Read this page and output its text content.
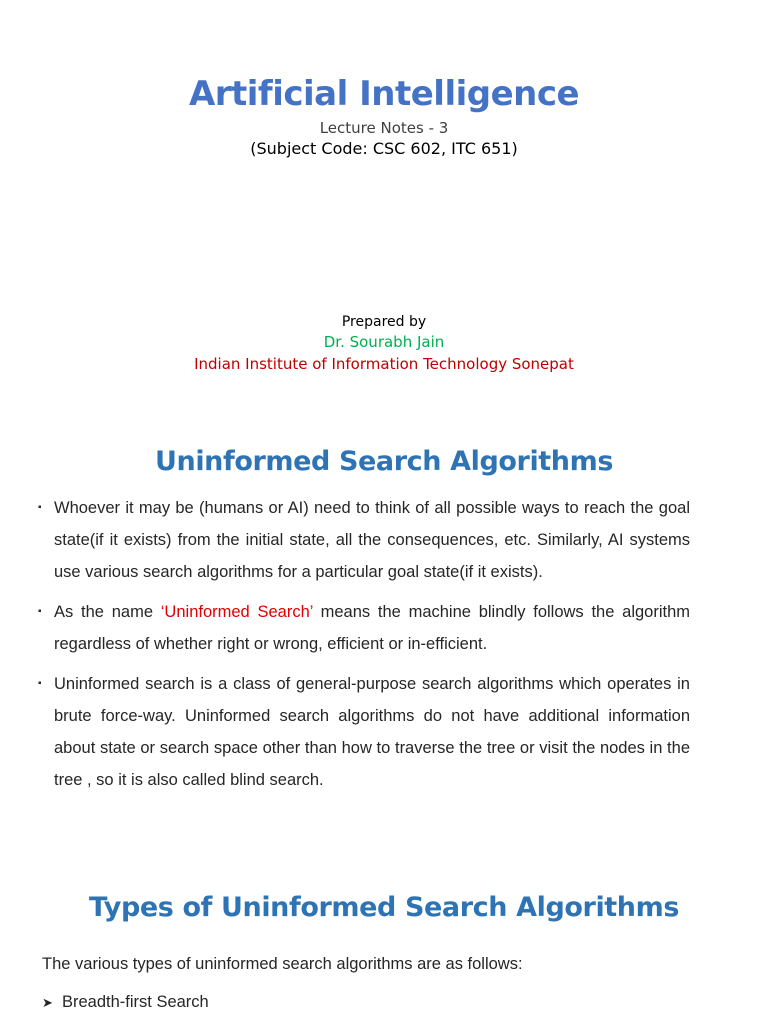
Artificial Intelligence

Lecture Notes - 3

(Subject Code: CSC 602, ITC 651)

Prepared by

Dr. Sourabh Jain

Indian Institute of Information Technology Sonepat

Uninformed Search Algorithms
▪ Whoever it may be (humans or AI) need to think of all possible ways to reach the goal state(if it exists) from the initial state, all the consequences, etc. Similarly, AI systems use various search algorithms for a particular goal state(if it exists).
▪ As the name ‘Uninformed Search’ means the machine blindly follows the algorithm regardless of whether right or wrong, efficient or in-efficient.
▪ Uninformed search is a class of general-purpose search algorithms which operates in brute force-way. Uninformed search algorithms do not have additional information about state or search space other than how to traverse the tree or visit the nodes in the tree , so it is also called blind search.
Types of Uninformed Search Algorithms

The various types of uninformed search algorithms are as follows:

➤ Breadth-first Search
